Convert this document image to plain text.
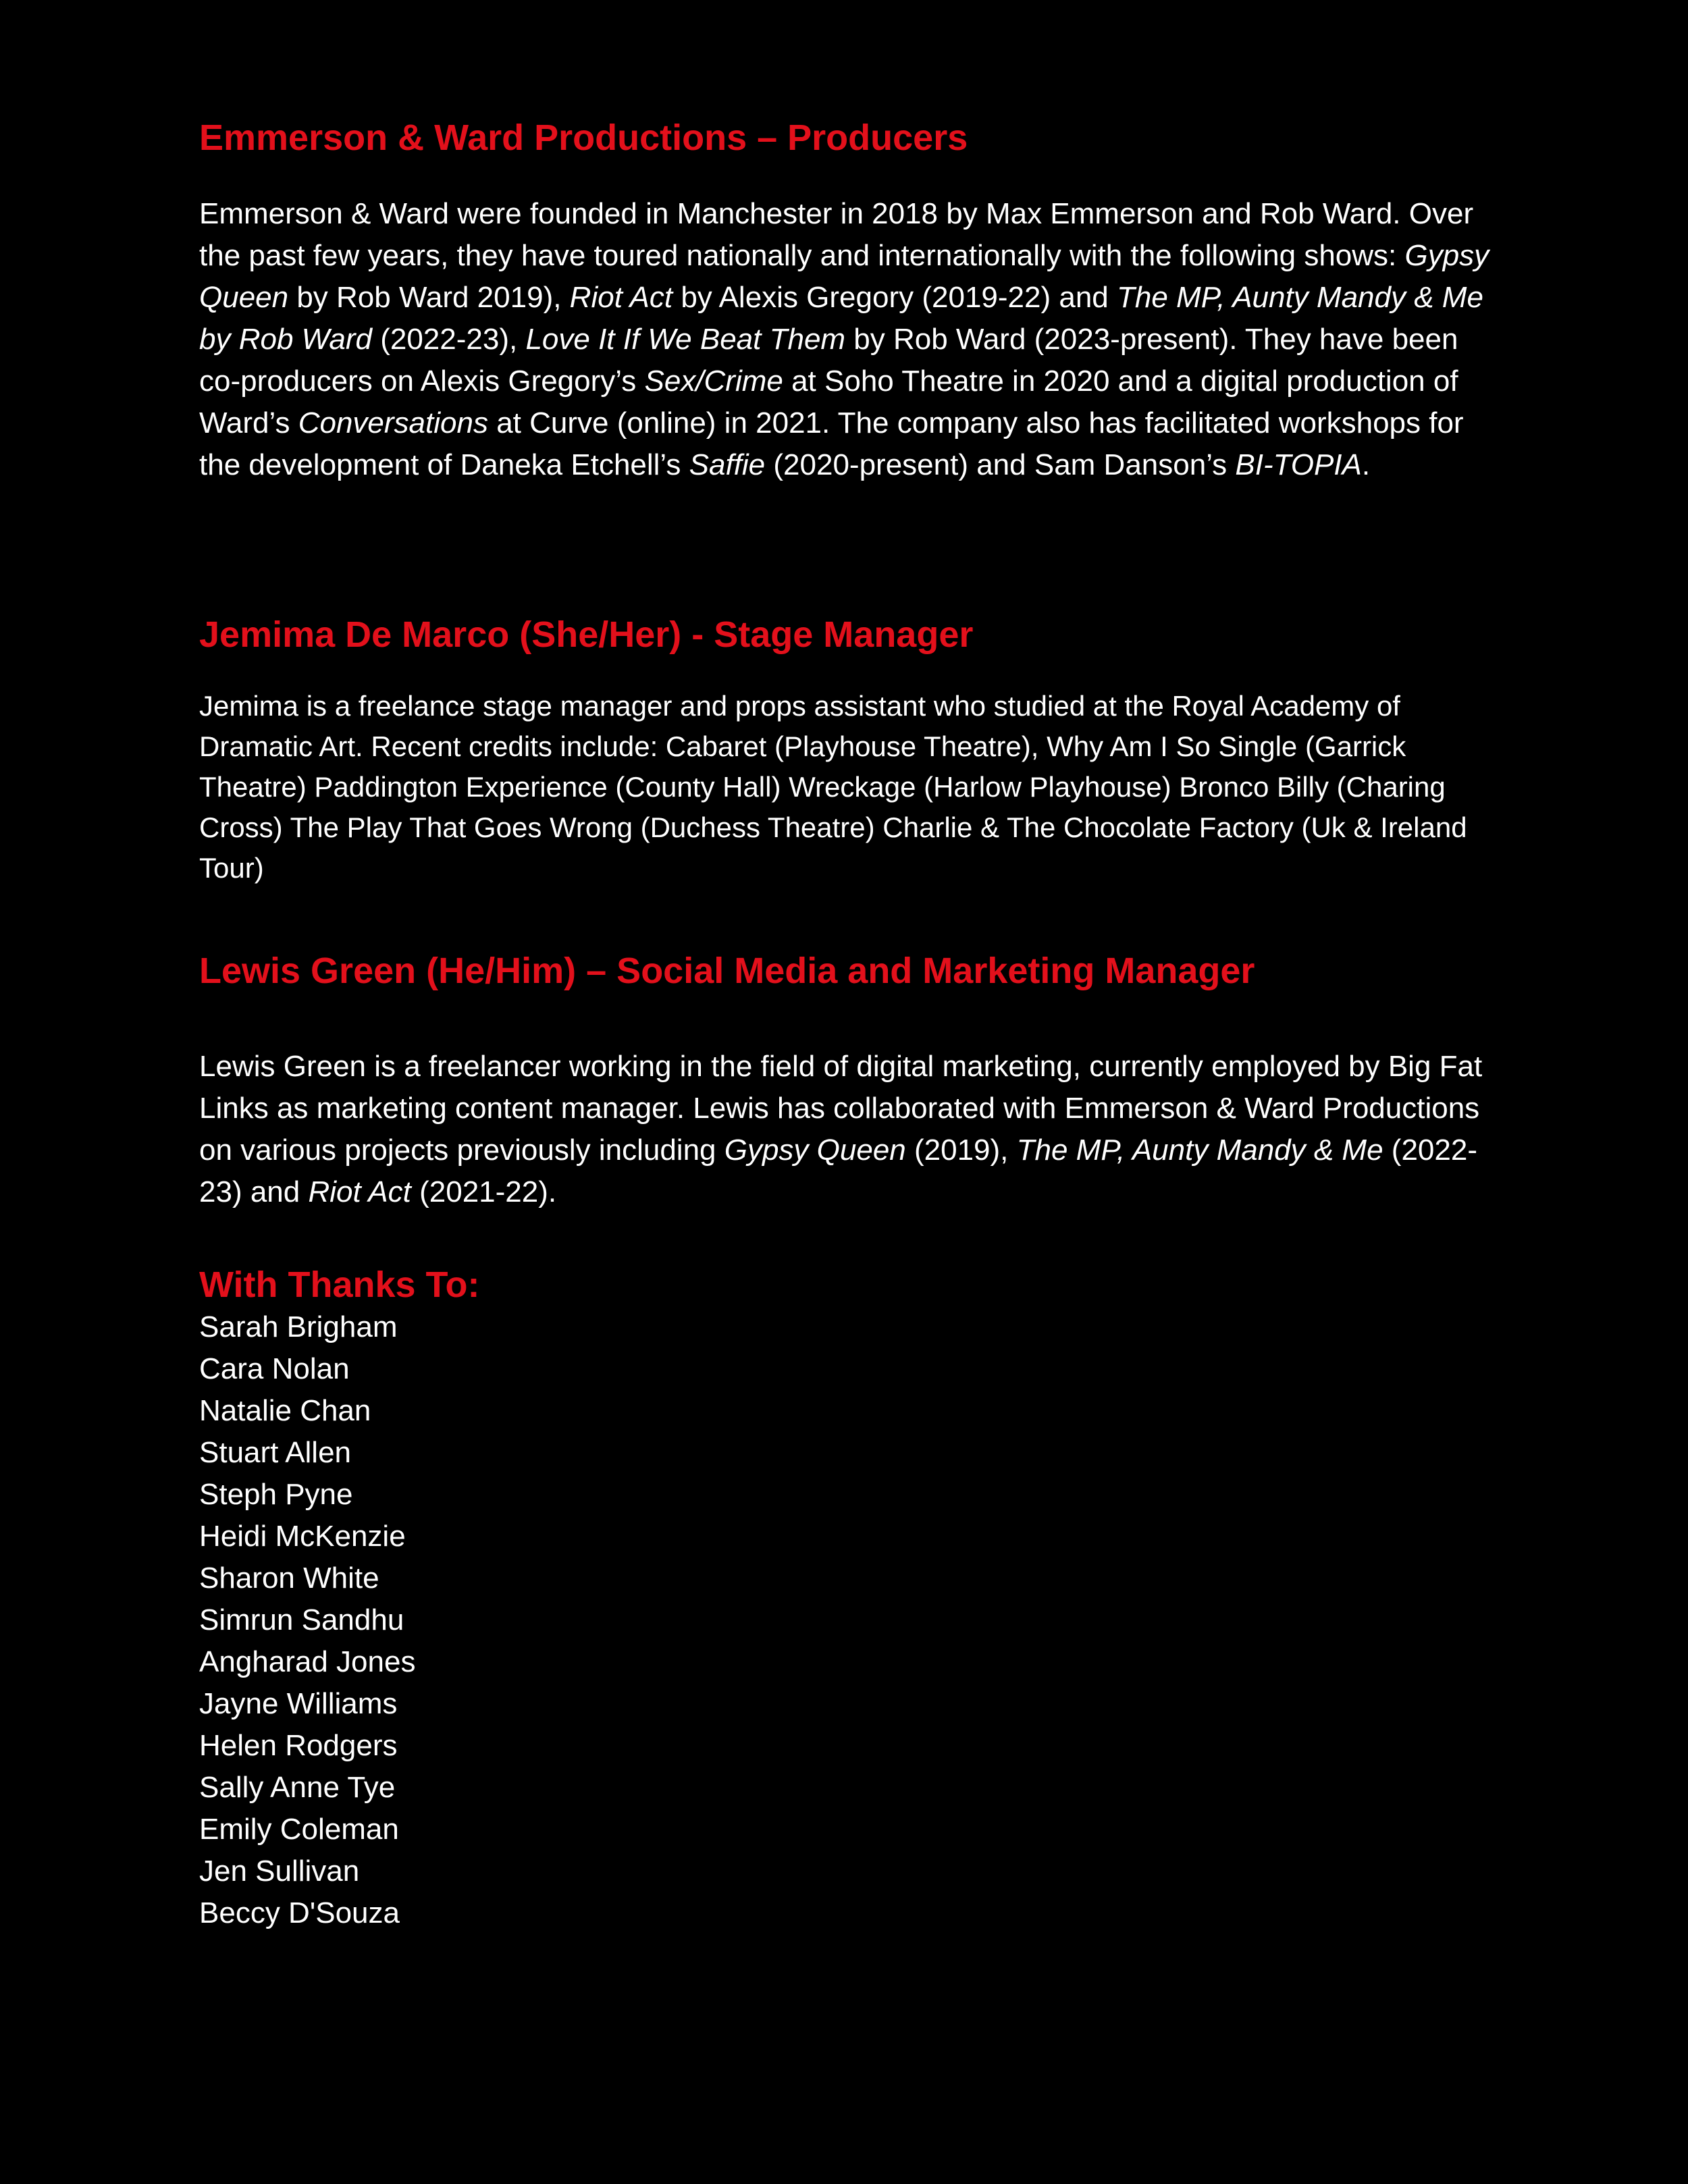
Emmerson & Ward Productions – Producers

Emmerson & Ward were founded in Manchester in 2018 by Max Emmerson and Rob Ward. Over the past few years, they have toured nationally and internationally with the following shows: Gypsy Queen by Rob Ward 2019), Riot Act by Alexis Gregory (2019-22) and The MP, Aunty Mandy & Me by Rob Ward (2022-23), Love It If We Beat Them by Rob Ward (2023-present). They have been co-producers on Alexis Gregory’s Sex/Crime at Soho Theatre in 2020 and a digital production of Ward’s Conversations at Curve (online) in 2021. The company also has facilitated workshops for the development of Daneka Etchell’s Saffie (2020-present) and Sam Danson’s BI-TOPIA.

Jemima De Marco (She/Her) - Stage Manager

Jemima is a freelance stage manager and props assistant who studied at the Royal Academy of Dramatic Art. Recent credits include: Cabaret (Playhouse Theatre), Why Am I So Single (Garrick Theatre) Paddington Experience (County Hall) Wreckage (Harlow Playhouse) Bronco Billy (Charing Cross) The Play That Goes Wrong (Duchess Theatre) Charlie & The Chocolate Factory (Uk & Ireland Tour)

Lewis Green (He/Him) – Social Media and Marketing Manager

Lewis Green is a freelancer working in the field of digital marketing, currently employed by Big Fat Links as marketing content manager. Lewis has collaborated with Emmerson & Ward Productions on various projects previously including Gypsy Queen (2019), The MP, Aunty Mandy & Me (2022-23) and Riot Act (2021-22).

With Thanks To:
Sarah Brigham
Cara Nolan
Natalie Chan
Stuart Allen
Steph Pyne
Heidi McKenzie
Sharon White
Simrun Sandhu
Angharad Jones
Jayne Williams
Helen Rodgers
Sally Anne Tye
Emily Coleman
Jen Sullivan
Beccy D'Souza
